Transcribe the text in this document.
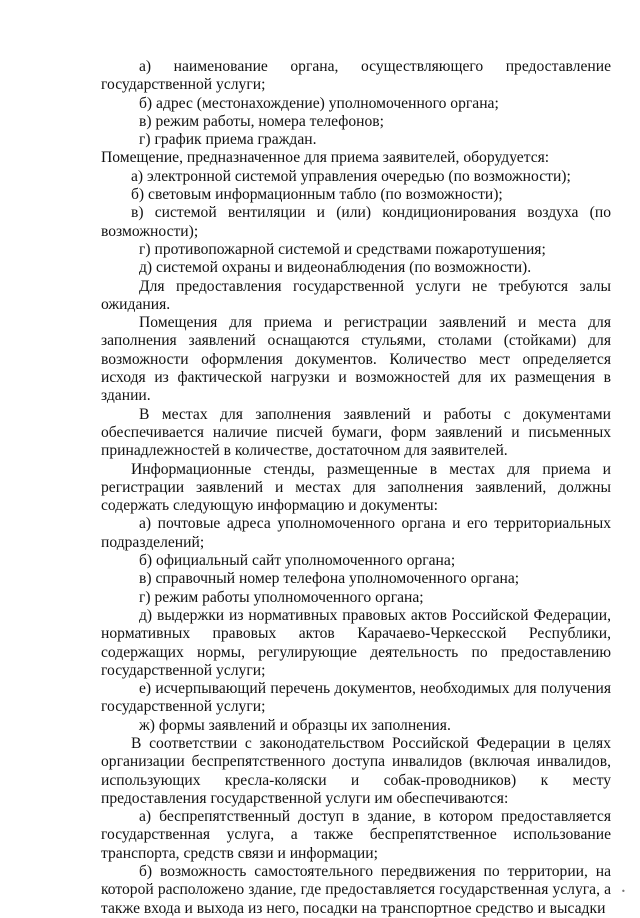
а) наименование органа, осуществляющего предоставление государственной услуги;

б) адрес (местонахождение) уполномоченного органа;

в) режим работы, номера телефонов;

г) график приема граждан.

Помещение, предназначенное для приема заявителей, оборудуется:

а) электронной системой управления очередью (по возможности);

б) световым информационным табло (по возможности);

в) системой вентиляции и (или) кондиционирования воздуха (по возможности);

г) противопожарной системой и средствами пожаротушения;

д) системой охраны и видеонаблюдения (по возможности).

Для предоставления государственной услуги не требуются залы ожидания.

Помещения для приема и регистрации заявлений и места для заполнения заявлений оснащаются стульями, столами (стойками) для возможности оформления документов. Количество мест определяется исходя из фактической нагрузки и возможностей для их размещения в здании.

В местах для заполнения заявлений и работы с документами обеспечивается наличие писчей бумаги, форм заявлений и письменных принадлежностей в количестве, достаточном для заявителей.

Информационные стенды, размещенные в местах для приема и регистрации заявлений и местах для заполнения заявлений, должны содержать следующую информацию и документы:

а) почтовые адреса уполномоченного органа и его территориальных подразделений;

б) официальный сайт уполномоченного органа;

в) справочный номер телефона уполномоченного органа;

г) режим работы уполномоченного органа;

д) выдержки из нормативных правовых актов Российской Федерации, нормативных правовых актов Карачаево-Черкесской Республики, содержащих нормы, регулирующие деятельность по предоставлению государственной услуги;

е) исчерпывающий перечень документов, необходимых для получения государственной услуги;

ж) формы заявлений и образцы их заполнения.

В соответствии с законодательством Российской Федерации в целях организации беспрепятственного доступа инвалидов (включая инвалидов, использующих кресла-коляски и собак-проводников) к месту предоставления государственной услуги им обеспечиваются:

а) беспрепятственный доступ в здание, в котором предоставляется государственная услуга, а также беспрепятственное использование транспорта, средств связи и информации;

б) возможность самостоятельного передвижения по территории, на которой расположено здание, где предоставляется государственная услуга, а также входа и выхода из него, посадки на транспортное средство и высадки

•
